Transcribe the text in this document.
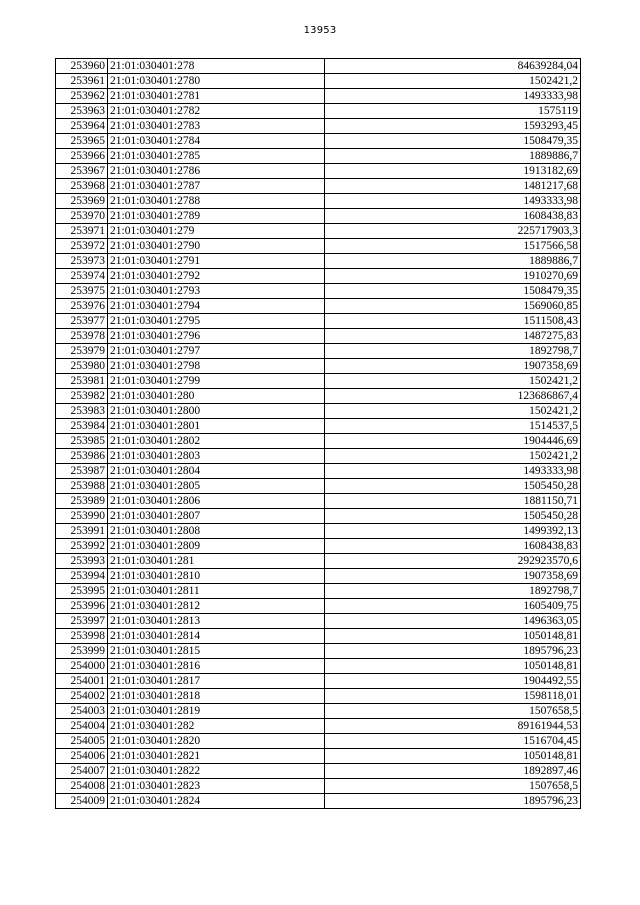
13953
253960	21:01:030401:278	84639284,04
253961	21:01:030401:2780	1502421,2
253962	21:01:030401:2781	1493333,98
253963	21:01:030401:2782	1575119
253964	21:01:030401:2783	1593293,45
253965	21:01:030401:2784	1508479,35
253966	21:01:030401:2785	1889886,7
253967	21:01:030401:2786	1913182,69
253968	21:01:030401:2787	1481217,68
253969	21:01:030401:2788	1493333,98
253970	21:01:030401:2789	1608438,83
253971	21:01:030401:279	225717903,3
253972	21:01:030401:2790	1517566,58
253973	21:01:030401:2791	1889886,7
253974	21:01:030401:2792	1910270,69
253975	21:01:030401:2793	1508479,35
253976	21:01:030401:2794	1569060,85
253977	21:01:030401:2795	1511508,43
253978	21:01:030401:2796	1487275,83
253979	21:01:030401:2797	1892798,7
253980	21:01:030401:2798	1907358,69
253981	21:01:030401:2799	1502421,2
253982	21:01:030401:280	123686867,4
253983	21:01:030401:2800	1502421,2
253984	21:01:030401:2801	1514537,5
253985	21:01:030401:2802	1904446,69
253986	21:01:030401:2803	1502421,2
253987	21:01:030401:2804	1493333,98
253988	21:01:030401:2805	1505450,28
253989	21:01:030401:2806	1881150,71
253990	21:01:030401:2807	1505450,28
253991	21:01:030401:2808	1499392,13
253992	21:01:030401:2809	1608438,83
253993	21:01:030401:281	292923570,6
253994	21:01:030401:2810	1907358,69
253995	21:01:030401:2811	1892798,7
253996	21:01:030401:2812	1605409,75
253997	21:01:030401:2813	1496363,05
253998	21:01:030401:2814	1050148,81
253999	21:01:030401:2815	1895796,23
254000	21:01:030401:2816	1050148,81
254001	21:01:030401:2817	1904492,55
254002	21:01:030401:2818	1598118,01
254003	21:01:030401:2819	1507658,5
254004	21:01:030401:282	89161944,53
254005	21:01:030401:2820	1516704,45
254006	21:01:030401:2821	1050148,81
254007	21:01:030401:2822	1892897,46
254008	21:01:030401:2823	1507658,5
254009	21:01:030401:2824	1895796,23
